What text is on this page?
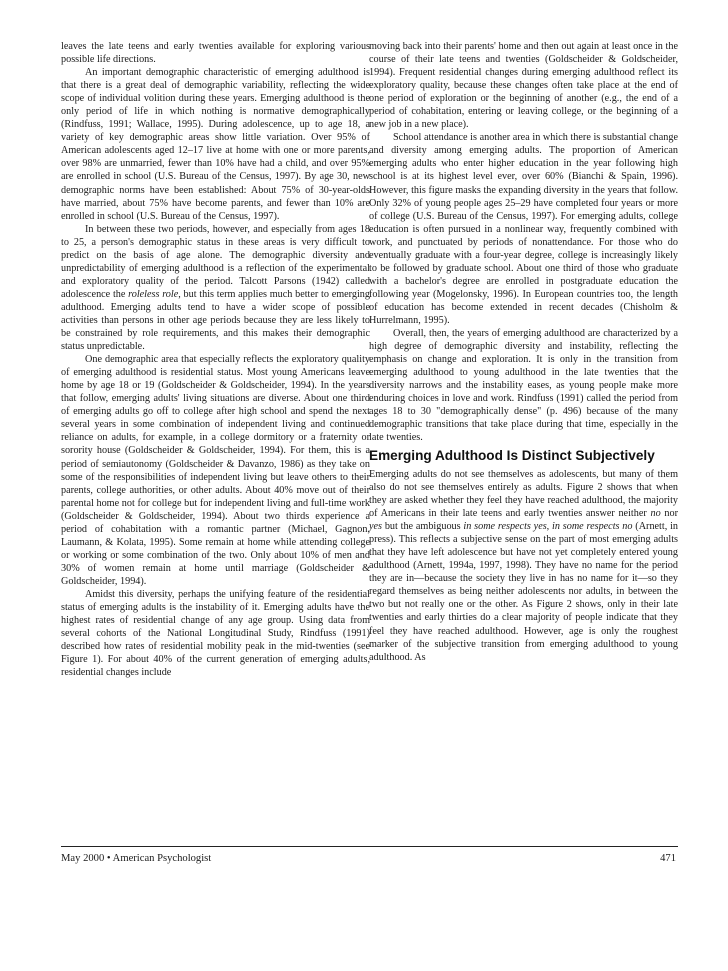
leaves the late teens and early twenties available for exploring various possible life directions.

An important demographic characteristic of emerging adulthood is that there is a great deal of demographic variability, reflecting the wide scope of individual volition during these years. Emerging adulthood is the only period of life in which nothing is normative demographically (Rindfuss, 1991; Wallace, 1995). During adolescence, up to age 18, a variety of key demographic areas show little variation. Over 95% of American adolescents aged 12–17 live at home with one or more parents, over 98% are unmarried, fewer than 10% have had a child, and over 95% are enrolled in school (U.S. Bureau of the Census, 1997). By age 30, new demographic norms have been established: About 75% of 30-year-olds have married, about 75% have become parents, and fewer than 10% are enrolled in school (U.S. Bureau of the Census, 1997).

In between these two periods, however, and especially from ages 18 to 25, a person's demographic status in these areas is very difficult to predict on the basis of age alone. The demographic diversity and unpredictability of emerging adulthood is a reflection of the experimental and exploratory quality of the period. Talcott Parsons (1942) called adolescence the roleless role, but this term applies much better to emerging adulthood. Emerging adults tend to have a wider scope of possible activities than persons in other age periods because they are less likely to be constrained by role requirements, and this makes their demographic status unpredictable.

One demographic area that especially reflects the exploratory quality of emerging adulthood is residential status. Most young Americans leave home by age 18 or 19 (Goldscheider & Goldscheider, 1994). In the years that follow, emerging adults' living situations are diverse. About one third of emerging adults go off to college after high school and spend the next several years in some combination of independent living and continued reliance on adults, for example, in a college dormitory or a fraternity or sorority house (Goldscheider & Goldscheider, 1994). For them, this is a period of semiautonomy (Goldscheider & Davanzo, 1986) as they take on some of the responsibilities of independent living but leave others to their parents, college authorities, or other adults. About 40% move out of their parental home not for college but for independent living and full-time work (Goldscheider & Goldscheider, 1994). About two thirds experience a period of cohabitation with a romantic partner (Michael, Gagnon, Laumann, & Kolata, 1995). Some remain at home while attending college or working or some combination of the two. Only about 10% of men and 30% of women remain at home until marriage (Goldscheider & Goldscheider, 1994).

Amidst this diversity, perhaps the unifying feature of the residential status of emerging adults is the instability of it. Emerging adults have the highest rates of residential change of any age group. Using data from several cohorts of the National Longitudinal Study, Rindfuss (1991) described how rates of residential mobility peak in the mid-twenties (see Figure 1). For about 40% of the current generation of emerging adults, residential changes include

moving back into their parents' home and then out again at least once in the course of their late teens and twenties (Goldscheider & Goldscheider, 1994). Frequent residential changes during emerging adulthood reflect its exploratory quality, because these changes often take place at the end of one period of exploration or the beginning of another (e.g., the end of a period of cohabitation, entering or leaving college, or the beginning of a new job in a new place).

School attendance is another area in which there is substantial change and diversity among emerging adults. The proportion of American emerging adults who enter higher education in the year following high school is at its highest level ever, over 60% (Bianchi & Spain, 1996). However, this figure masks the expanding diversity in the years that follow. Only 32% of young people ages 25–29 have completed four years or more of college (U.S. Bureau of the Census, 1997). For emerging adults, college education is often pursued in a nonlinear way, frequently combined with work, and punctuated by periods of nonattendance. For those who do eventually graduate with a four-year degree, college is increasingly likely to be followed by graduate school. About one third of those who graduate with a bachelor's degree are enrolled in postgraduate education the following year (Mogelonsky, 1996). In European countries too, the length of education has become extended in recent decades (Chisholm & Hurrelmann, 1995).

Overall, then, the years of emerging adulthood are characterized by a high degree of demographic diversity and instability, reflecting the emphasis on change and exploration. It is only in the transition from emerging adulthood to young adulthood in the late twenties that the diversity narrows and the instability eases, as young people make more enduring choices in love and work. Rindfuss (1991) called the period from ages 18 to 30 "demographically dense" (p. 496) because of the many demographic transitions that take place during that time, especially in the late twenties.

Emerging Adulthood Is Distinct Subjectively

Emerging adults do not see themselves as adolescents, but many of them also do not see themselves entirely as adults. Figure 2 shows that when they are asked whether they feel they have reached adulthood, the majority of Americans in their late teens and early twenties answer neither no nor yes but the ambiguous in some respects yes, in some respects no (Arnett, in press). This reflects a subjective sense on the part of most emerging adults that they have left adolescence but have not yet completely entered young adulthood (Arnett, 1994a, 1997, 1998). They have no name for the period they are in—because the society they live in has no name for it—so they regard themselves as being neither adolescents nor adults, in between the two but not really one or the other. As Figure 2 shows, only in their late twenties and early thirties do a clear majority of people indicate that they feel they have reached adulthood. However, age is only the roughest marker of the subjective transition from emerging adulthood to young adulthood. As

May 2000 • American Psychologist	471
